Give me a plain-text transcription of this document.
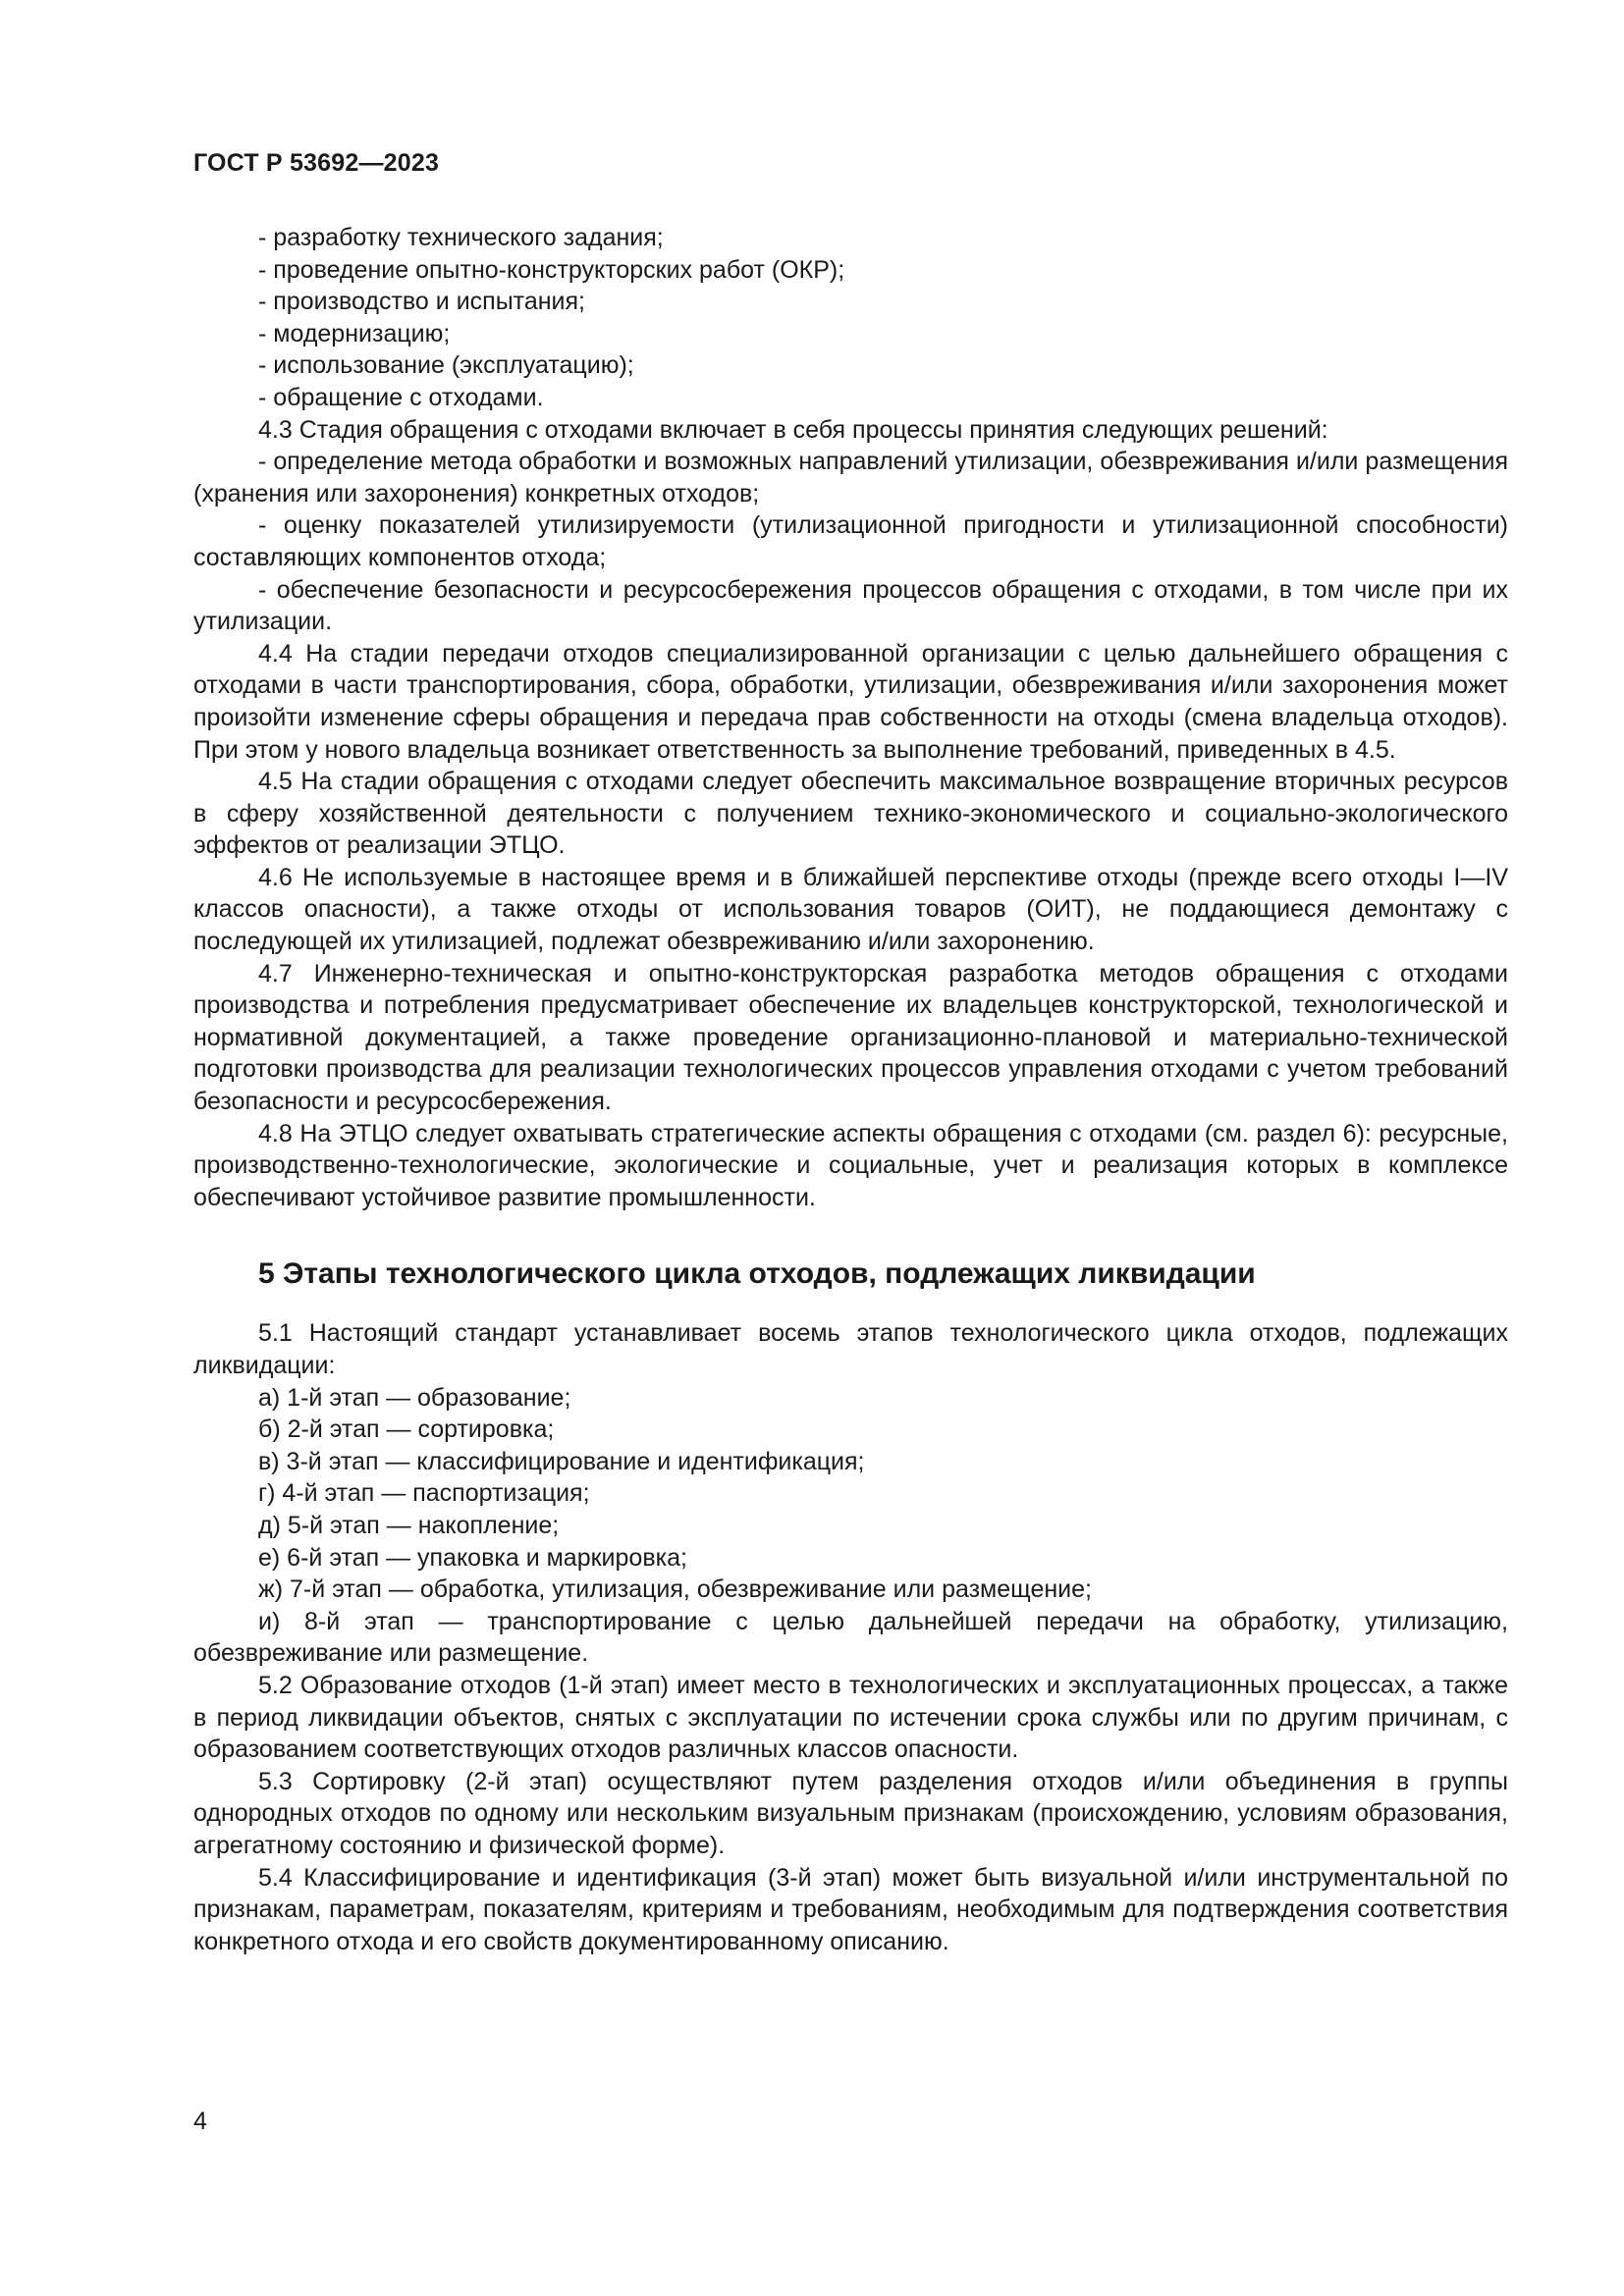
ГОСТ Р 53692—2023

- разработку технического задания;

- проведение опытно-конструкторских работ (ОКР);

- производство и испытания;

- модернизацию;

- использование (эксплуатацию);

- обращение с отходами.

4.3 Стадия обращения с отходами включает в себя процессы принятия следующих решений:

- определение метода обработки и возможных направлений утилизации, обезвреживания и/или размещения (хранения или захоронения) конкретных отходов;

- оценку показателей утилизируемости (утилизационной пригодности и утилизационной способности) составляющих компонентов отхода;

- обеспечение безопасности и ресурсосбережения процессов обращения с отходами, в том числе при их утилизации.

4.4 На стадии передачи отходов специализированной организации с целью дальнейшего обращения с отходами в части транспортирования, сбора, обработки, утилизации, обезвреживания и/или захоронения может произойти изменение сферы обращения и передача прав собственности на отходы (смена владельца отходов). При этом у нового владельца возникает ответственность за выполнение требований, приведенных в 4.5.

4.5 На стадии обращения с отходами следует обеспечить максимальное возвращение вторичных ресурсов в сферу хозяйственной деятельности с получением технико-экономического и социально-экологического эффектов от реализации ЭТЦО.

4.6 Не используемые в настоящее время и в ближайшей перспективе отходы (прежде всего отходы I—IV классов опасности), а также отходы от использования товаров (ОИТ), не поддающиеся демонтажу с последующей их утилизацией, подлежат обезвреживанию и/или захоронению.

4.7 Инженерно-техническая и опытно-конструкторская разработка методов обращения с отходами производства и потребления предусматривает обеспечение их владельцев конструкторской, технологической и нормативной документацией, а также проведение организационно-плановой и материально-технической подготовки производства для реализации технологических процессов управления отходами с учетом требований безопасности и ресурсосбережения.

4.8 На ЭТЦО следует охватывать стратегические аспекты обращения с отходами (см. раздел 6): ресурсные, производственно-технологические, экологические и социальные, учет и реализация которых в комплексе обеспечивают устойчивое развитие промышленности.

5 Этапы технологического цикла отходов, подлежащих ликвидации

5.1 Настоящий стандарт устанавливает восемь этапов технологического цикла отходов, подлежащих ликвидации:

а) 1-й этап — образование;

б) 2-й этап — сортировка;

в) 3-й этап — классифицирование и идентификация;

г) 4-й этап — паспортизация;

д) 5-й этап — накопление;

е) 6-й этап — упаковка и маркировка;

ж) 7-й этап — обработка, утилизация, обезвреживание или размещение;

и) 8-й этап — транспортирование с целью дальнейшей передачи на обработку, утилизацию, обезвреживание или размещение.

5.2 Образование отходов (1-й этап) имеет место в технологических и эксплуатационных процессах, а также в период ликвидации объектов, снятых с эксплуатации по истечении срока службы или по другим причинам, с образованием соответствующих отходов различных классов опасности.

5.3 Сортировку (2-й этап) осуществляют путем разделения отходов и/или объединения в группы однородных отходов по одному или нескольким визуальным признакам (происхождению, условиям образования, агрегатному состоянию и физической форме).

5.4 Классифицирование и идентификация (3-й этап) может быть визуальной и/или инструментальной по признакам, параметрам, показателям, критериям и требованиям, необходимым для подтверждения соответствия конкретного отхода и его свойств документированному описанию.

4
